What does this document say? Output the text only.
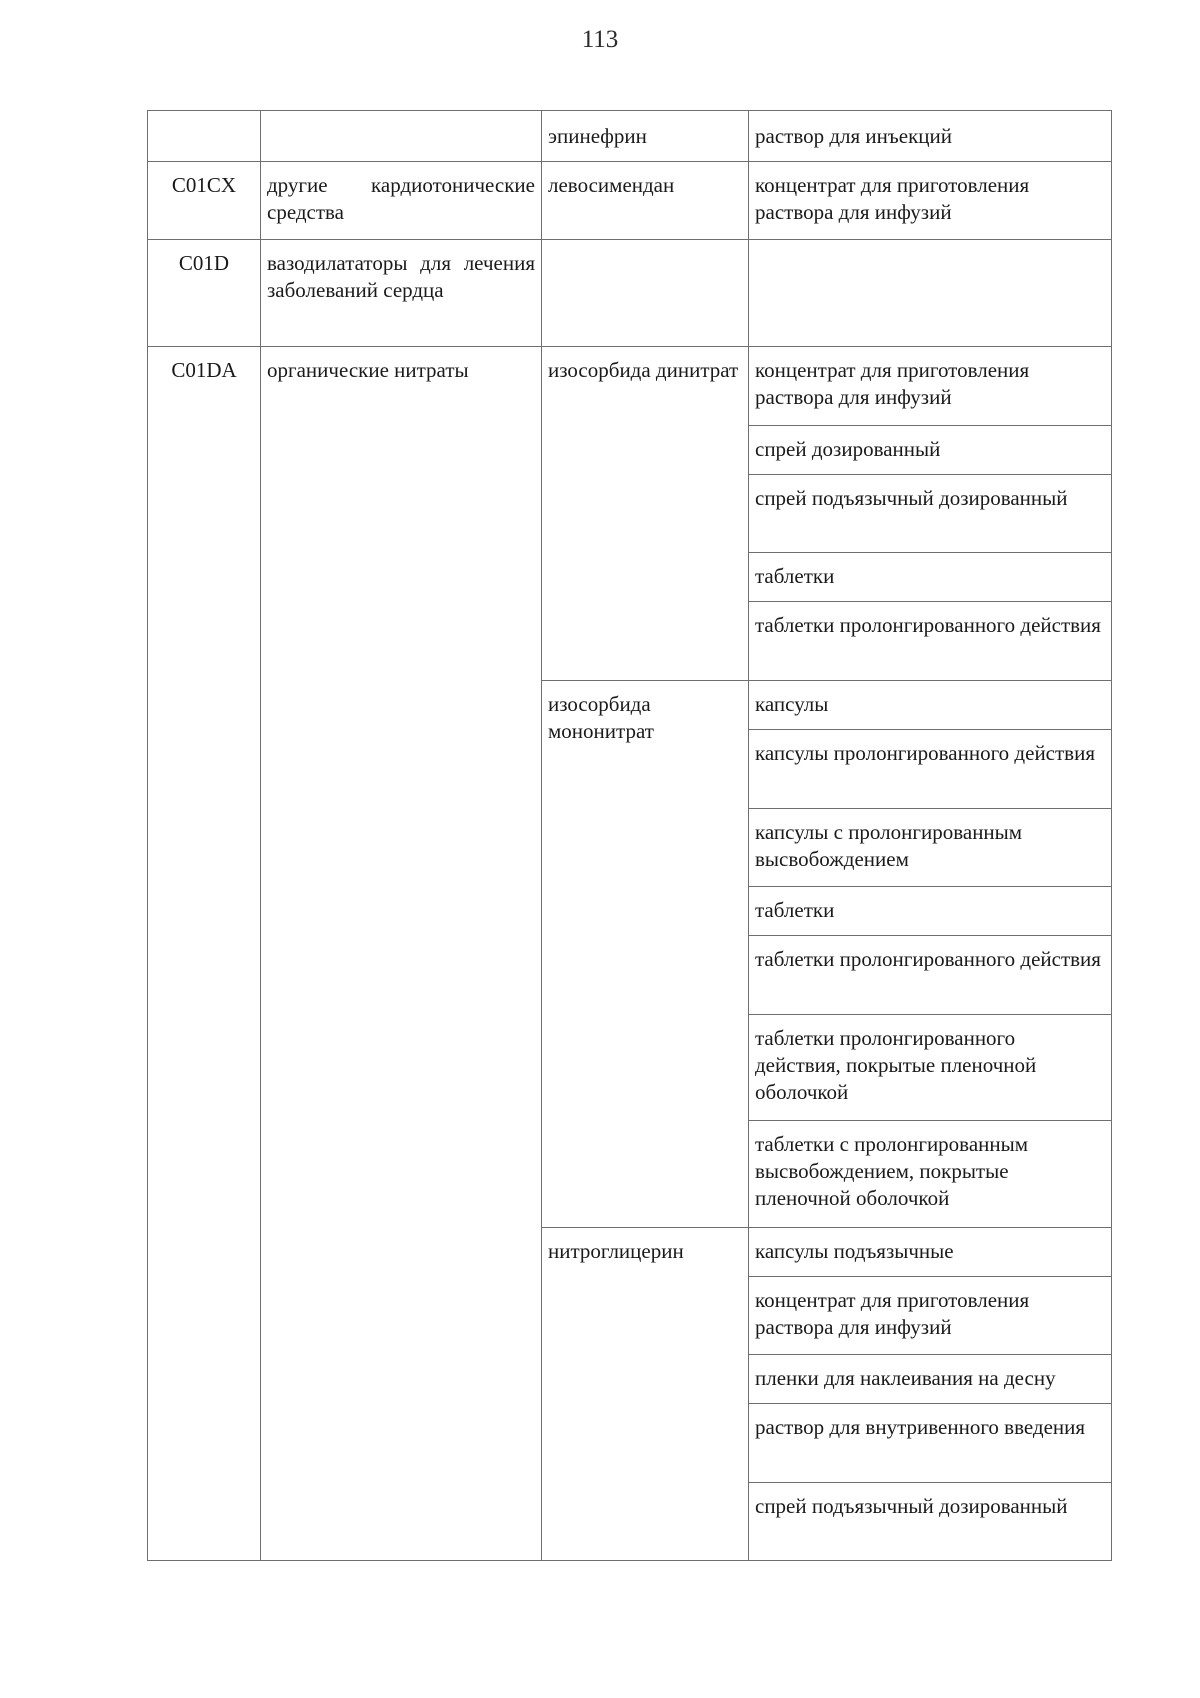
113
		эпинефрин	раствор для инъекций
C01CX	другие кардиотонические средства	левосимендан	концентрат для приготовления раствора для инфузий
C01D	вазодилататоры для лечения заболеваний сердца		
C01DA	органические нитраты	изосорбида динитрат	концентрат для приготовления раствора для инфузий
			спрей дозированный
			спрей подъязычный дозированный
			таблетки
			таблетки пролонгированного действия
		изосорбида мононитрат	капсулы
			капсулы пролонгированного действия
			капсулы с пролонгированным высвобождением
			таблетки
			таблетки пролонгированного действия
			таблетки пролонгированного действия, покрытые пленочной оболочкой
			таблетки с пролонгированным высвобождением, покрытые пленочной оболочкой
		нитроглицерин	капсулы подъязычные
			концентрат для приготовления раствора для инфузий
			пленки для наклеивания на десну
			раствор для внутривенного введения
			спрей подъязычный дозированный
